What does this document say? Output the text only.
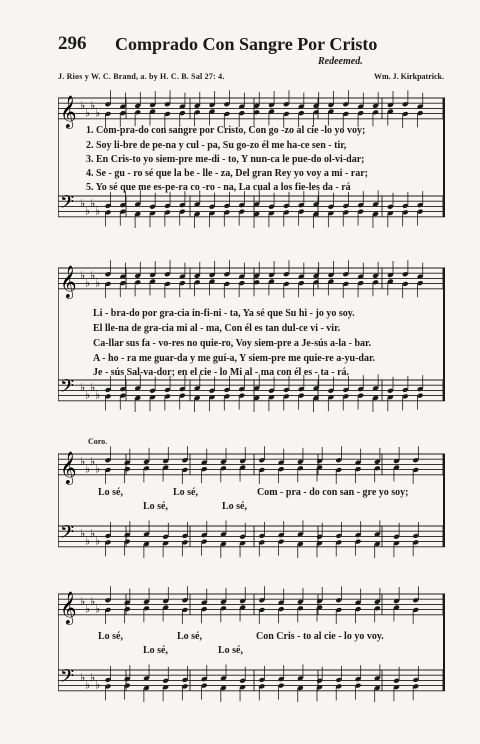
296 Comprado Con Sangre Por Cristo
Redeemed.
J. Rios y W. C. Brand, a. by H. C. B. Sal 27: 4.	Wm. J. Kirkpatrick.
𝄞
𝄢
♭
♭
♭
♭
♭
♭
♭
♭
1. Com-pra-do con sangre por Cristo, Con go -zo al cie -lo yo voy;
2. Soy li-bre de pe-na y cul - pa, Su go-zo él me ha-ce sen - tir,
3. En Cris-to yo siem-pre me-di - to, Y nun-ca le pue-do ol-vi-dar;
4. Se - gu - ro sé que la be - lle - za, Del gran Rey yo voy a mi - rar;
5. Yo sé que me es-pe-ra co -ro - na, La cual a los fie-les da - rá
𝄞
𝄢
♭
♭
♭
♭
♭
♭
♭
♭
Li - bra-do por gra-cia in-fi-ni - ta, Ya sé que Su hi - jo yo soy.
El lle-na de gra-cia mi al - ma, Con él es tan dul-ce vi - vir.
Ca-llar sus fa - vo-res no quie-ro, Voy siem-pre a Je-sús a-la - bar.
A - ho - ra me guar-da y me guí-a, Y siem-pre me quie-re a-yu-dar.
Je - sús Sal-va-dor; en el cie - lo Mi al - ma con él es - ta - rá.
Coro.
𝄞
𝄢
♭
♭
♭
♭
♭
♭
♭
♭
Lo sé,	Lo sé,	Com - pra - do con san - gre yo soy;
Lo sé,	Lo sé,
𝄞
𝄢
♭
♭
♭
♭
♭
♭
♭
♭
Lo sé,	Lo sé,	Con Cris - to al cie - lo yo voy.
Lo sé,	Lo sé,
